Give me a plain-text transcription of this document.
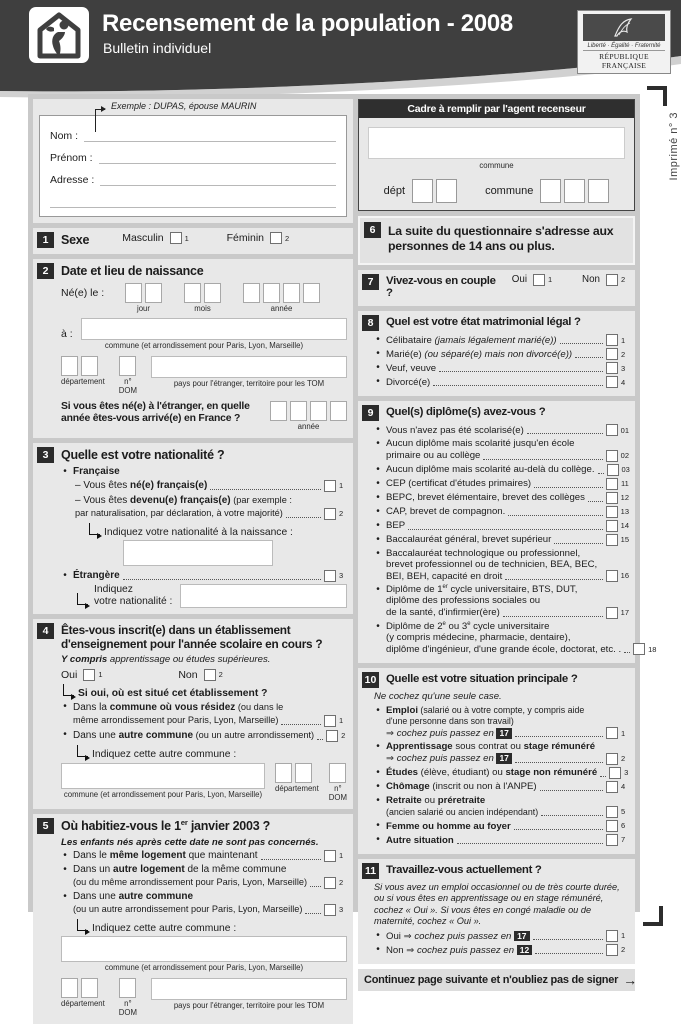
Recensement de la population - 2008
Bulletin individuel	Liberté · Égalité · Fraternité
RÉPUBLIQUE FRANÇAISE
Imprimé n° 3
Exemple : DUPAS, épouse MAURIN
Nom :
Prénom :
Adresse :
1	Sexe	Masculin	1	Féminin	2
2	Date et lieu de naissance
Né(e) le :
jour	mois	année
à :
commune (et arrondissement pour Paris, Lyon, Marseille)
département	n°
DOM
pays pour l'étranger, territoire pour les TOM
Si vous êtes né(e) à l'étranger, en quelle
année êtes-vous arrivé(e) en France ?
année
3	Quelle est votre nationalité ?
• Française
– Vous êtes né(e) français(e)	1
– Vous êtes devenu(e) français(e) (par exemple :
par naturalisation, par déclaration, à votre majorité)	2
Indiquez votre nationalité à la naissance :
• Étrangère	3
Indiquez
votre nationalité :
4	Êtes-vous inscrit(e) dans un établissement
d'enseignement pour l'année scolaire en cours ?
Y compris apprentissage ou études supérieures.
Oui	1	Non	2
Si oui, où est situé cet établissement ?
• Dans la commune où vous résidez (ou dans le
même arrondissement pour Paris, Lyon, Marseille)	1
• Dans une autre commune (ou un autre arrondissement)	2
Indiquez cette autre commune :
commune (et arrondissement pour Paris, Lyon, Marseille)
département	n°
DOM
5	Où habitiez-vous le 1er janvier 2003 ?
Les enfants nés après cette date ne sont pas concernés.
• Dans le même logement que maintenant	1
• Dans un autre logement de la même commune
(ou du même arrondissement pour Paris, Lyon, Marseille)	2
• Dans une autre commune
(ou un autre arrondissement pour Paris, Lyon, Marseille)	3
Indiquez cette autre commune :
commune (et arrondissement pour Paris, Lyon, Marseille)
département	n°
DOM
pays pour l'étranger, territoire pour les TOM
Cadre à remplir par l'agent recenseur
commune
dépt	commune
6	La suite du questionnaire s'adresse aux personnes de 14 ans ou plus.
7	Vivez-vous en couple ?
Oui	1	Non	2
8	Quel est votre état matrimonial légal ?
• Célibataire (jamais légalement marié(e))	1
• Marié(e) (ou séparé(e) mais non divorcé(e))	2
• Veuf, veuve	3
• Divorcé(e)	4
9	Quel(s) diplôme(s) avez-vous ?
• Vous n'avez pas été scolarisé(e)	01
• Aucun diplôme mais scolarité jusqu'en école
primaire ou au collège	02
• Aucun diplôme mais scolarité au-delà du collège.	03
• CEP (certificat d'études primaires)	11
• BEPC, brevet élémentaire, brevet des collèges	12
• CAP, brevet de compagnon.	13
• BEP	14
• Baccalauréat général, brevet supérieur	15
• Baccalauréat technologique ou professionnel,
brevet professionnel ou de technicien, BEA, BEC,
BEI, BEH, capacité en droit	16
• Diplôme de 1er cycle universitaire, BTS, DUT,
diplôme des professions sociales ou
de la santé, d'infirmier(ère)	17
• Diplôme de 2e ou 3e cycle universitaire
(y compris médecine, pharmacie, dentaire),
diplôme d'ingénieur, d'une grande école, doctorat, etc. .	18
10 Quelle est votre situation principale ?
Ne cochez qu'une seule case.
• Emploi (salarié ou à votre compte, y compris aide
d'une personne dans son travail)
⇒ cochez puis passez en 17	1
• Apprentissage sous contrat ou stage rémunéré
⇒ cochez puis passez en 17	2
• Études (élève, étudiant) ou stage non rémunéré	3
• Chômage (inscrit ou non à l'ANPE)	4
• Retraite ou préretraite
(ancien salarié ou ancien indépendant)	5
• Femme ou homme au foyer	6
• Autre situation	7
11 Travaillez-vous actuellement ?
Si vous avez un emploi occasionnel ou de très courte durée, ou si vous êtes en apprentissage ou en stage rémunéré, cochez « Oui ». Si vous êtes en congé maladie ou de maternité, cochez « Oui ».
• Oui ⇒ cochez puis passez en 17	1
• Non ⇒ cochez puis passez en 12	2
Continuez page suivante et n'oubliez pas de signer →
